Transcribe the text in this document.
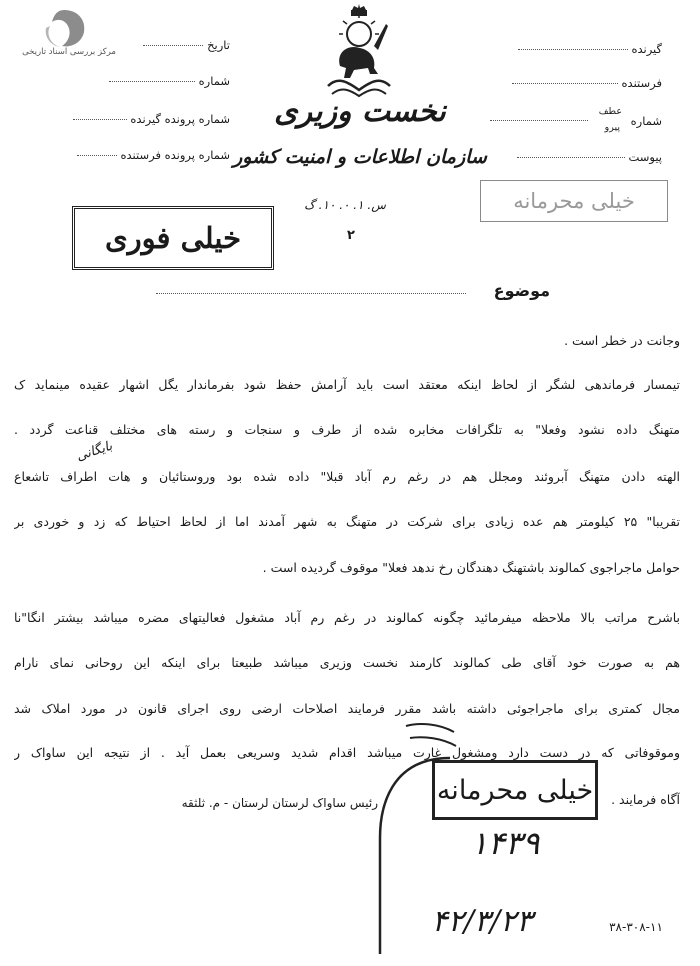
مرکز بررسی اسناد تاریخی
نخست وزیری
سازمان اطلاعات و امنیت کشور
س. ۱. ۰. ۱۰. گ
۲
تاریخ
شماره
شماره پرونده گیرنده
شماره پرونده فرستنده
گیرنده
فرستنده
شماره
عطف
پیرو
پیوست
خیلی فوری
خیلی محرمانه
موضوع
وجانت در خطر است .
تیمسار فرماندهی لشگر از لحاظ اینکه معتقد است باید آرامش حفظ شود بفرماندار یگل اشهار عقیده مینماید ک
متهنگ داده نشود وفعلا" به تلگرافات مخابره شده از طرف و سنجات و رسته های مختلف قناعت گردد .
الهته دادن متهنگ آبروئند ومجلل هم در رغم رم آباد قبلا" داده شده بود وروستائیان و هات اطراف تاشعاع
تقریبا" ۲۵ کیلومتر هم عده زیادی برای شرکت در متهنگ به شهر آمدند اما از لحاظ احتیاط که زد و خوردی بر
حوامل ماجراجوی کمالوند باشتهنگ دهندگان رخ ندهد فعلا" موقوف گردیده است .
باشرح مراتب بالا ملاحظه میفرمائید چگونه کمالوند در رغم رم آباد مشغول فعالیتهای مضره میباشد بیشتر انگا"نا
هم به صورت خود آقای طی کمالوند کارمند نخست وزیری میباشد طبیعتا برای اینکه این روحانی نمای نارام
مجال کمتری برای ماجراجوئی داشته باشد مقرر فرمایند اصلاحات ارضی روی اجرای قانون در مورد املاک شد
وموقوفاتی که در دست دارد ومشغول غارت میباشد اقدام شدید وسریعی بعمل آید . از نتیجه این ساواک ر
آگاه فرمایند .
بایگانی
خیلی محرمانه
رئیس ساواک لرستان لرستان - م. ثلثقه
۱۴۳۹
۴۲/۳/۲۳	۳۸-۳۰۸-۱۱
